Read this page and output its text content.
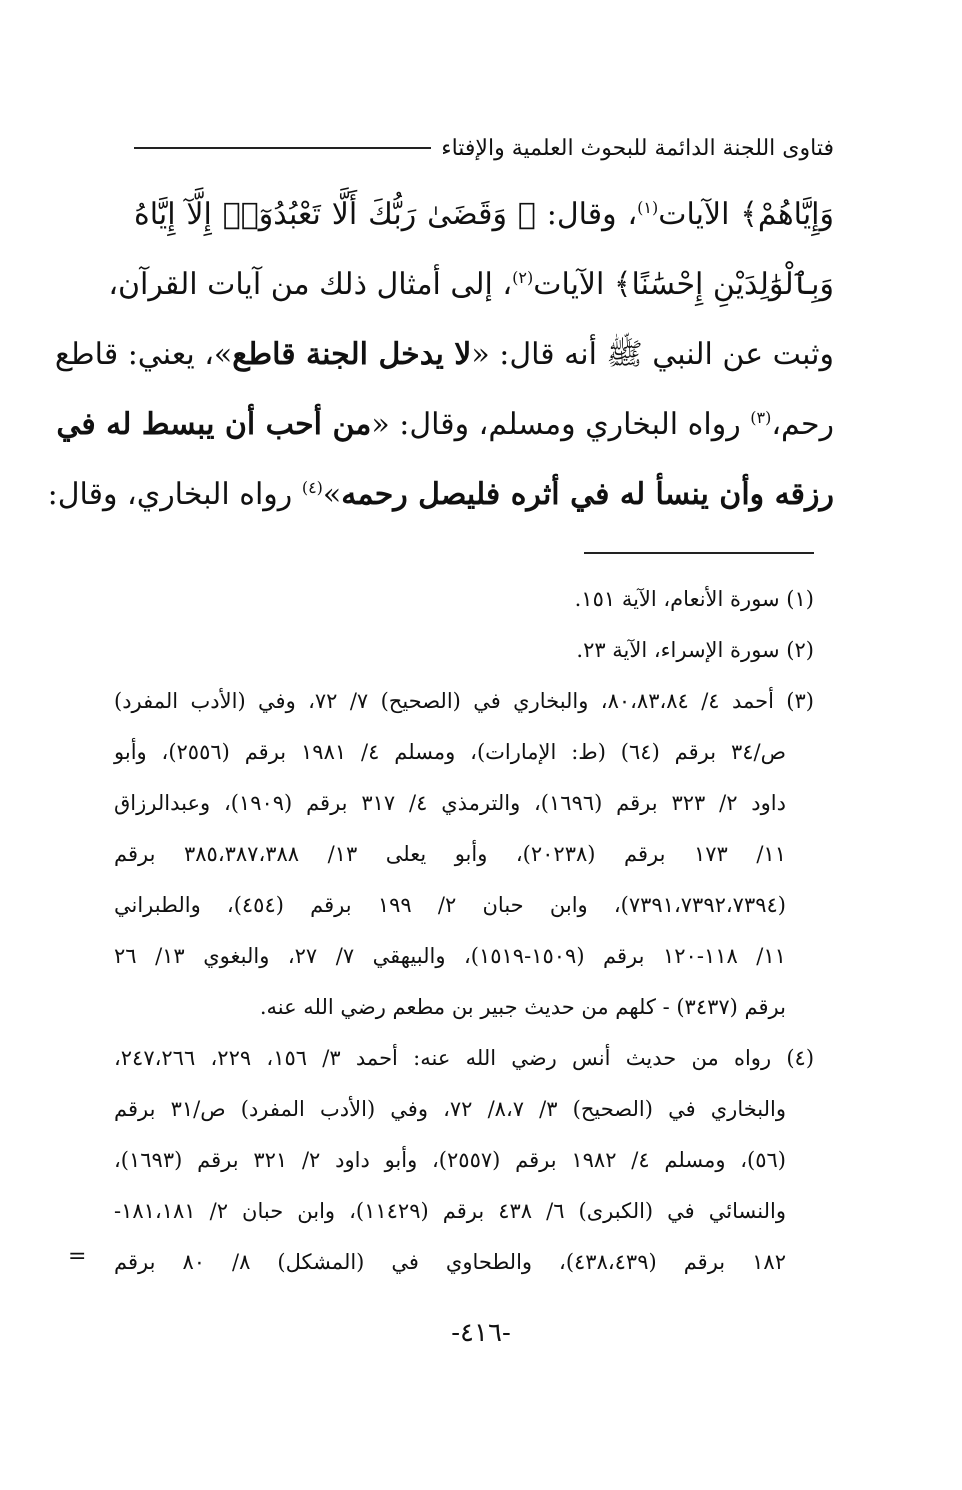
فتاوى اللجنة الدائمة للبحوث العلمية والإفتاء
وَإِيَّاهُمْ﴾ الآيات$^{(١)}$، وقال: ﴿ وَقَضَىٰ رَبُّكَ أَلَّا تَعْبُدُوٓا۟ إِلَّآ إِيَّاهُ
وَبِٱلْوَٰلِدَيْنِ إِحْسَٰنًا﴾ الآيات$^{(٢)}$، إلى أمثال ذلك من آيات القرآن،
وثبت عن النبي ﷺ أنه قال: «لا يدخل الجنة قاطع»، يعني: قاطع
رحم،$^{(٣)}$ رواه البخاري ومسلم، وقال: «من أحب أن يبسط له في
رزقه وأن ينسأ له في أثره فليصل رحمه»$^{(٤)}$ رواه البخاري، وقال:
(١) سورة الأنعام، الآية ١٥١.
(٢) سورة الإسراء، الآية ٢٣.
(٣) أحمد ٤/ ٨٠،٨٣،٨٤، والبخاري في (الصحيح) ٧/ ٧٢، وفي (الأدب المفرد)
ص/٣٤ برقم (٦٤) (ط: الإمارات)، ومسلم ٤/ ١٩٨١ برقم (٢٥٥٦)، وأبو
داود ٢/ ٣٢٣ برقم (١٦٩٦)، والترمذي ٤/ ٣١٧ برقم (١٩٠٩)، وعبدالرزاق
١١/ ١٧٣ برقم (٢٠٢٣٨)، وأبو يعلى ١٣/ ٣٨٥،٣٨٧،٣٨٨ برقم
(٧٣٩١،٧٣٩٢،٧٣٩٤)، وابن حبان ٢/ ١٩٩ برقم (٤٥٤)، والطبراني
١١/ ١١٨-١٢٠ برقم (١٥٠٩-١٥١٩)، والبيهقي ٧/ ٢٧، والبغوي ١٣/ ٢٦
برقم (٣٤٣٧) - كلهم من حديث جبير بن مطعم رضي الله عنه.
(٤) رواه من حديث أنس رضي الله عنه: أحمد ٣/ ١٥٦، ٢٢٩، ٢٤٧،٢٦٦،
والبخاري في (الصحيح) ٣/ ٨،٧/ ٧٢، وفي (الأدب المفرد) ص/٣١ برقم
(٥٦)، ومسلم ٤/ ١٩٨٢ برقم (٢٥٥٧)، وأبو داود ٢/ ٣٢١ برقم (١٦٩٣)،
والنسائي في (الكبرى) ٦/ ٤٣٨ برقم (١١٤٢٩)، وابن حبان ٢/ ١٨١،١٨١-
١٨٢ برقم (٤٣٨،٤٣٩)، والطحاوي في (المشكل) ٨/ ٨٠ برقم
=
-٤١٦-
